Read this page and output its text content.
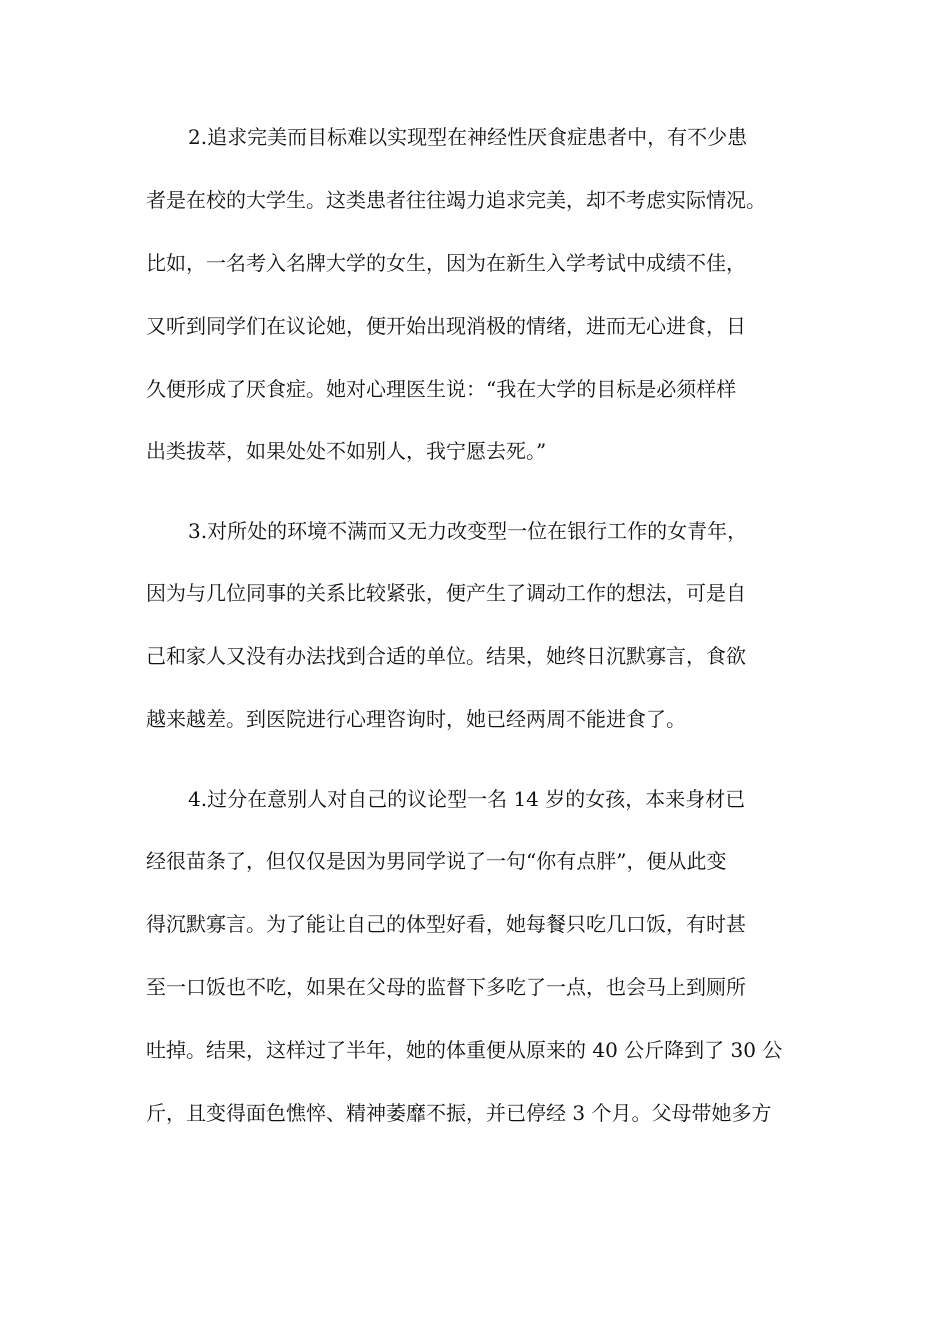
2.追求完美而目标难以实现型在神经性厌食症患者中，有不少患
者是在校的大学生。这类患者往往竭力追求完美，却不考虑实际情况。
比如，一名考入名牌大学的女生，因为在新生入学考试中成绩不佳，
又听到同学们在议论她，便开始出现消极的情绪，进而无心进食，日
久便形成了厌食症。她对心理医生说：“我在大学的目标是必须样样
出类拔萃，如果处处不如别人，我宁愿去死。”
3.对所处的环境不满而又无力改变型一位在银行工作的女青年，
因为与几位同事的关系比较紧张，便产生了调动工作的想法，可是自
己和家人又没有办法找到合适的单位。结果，她终日沉默寡言，食欲
越来越差。到医院进行心理咨询时，她已经两周不能进食了。
4.过分在意别人对自己的议论型一名 14 岁的女孩，本来身材已
经很苗条了，但仅仅是因为男同学说了一句“你有点胖”，便从此变
得沉默寡言。为了能让自己的体型好看，她每餐只吃几口饭，有时甚
至一口饭也不吃，如果在父母的监督下多吃了一点，也会马上到厕所
吐掉。结果，这样过了半年，她的体重便从原来的 40 公斤降到了 30 公
斤，且变得面色憔悴、精神萎靡不振，并已停经 3 个月。父母带她多方
